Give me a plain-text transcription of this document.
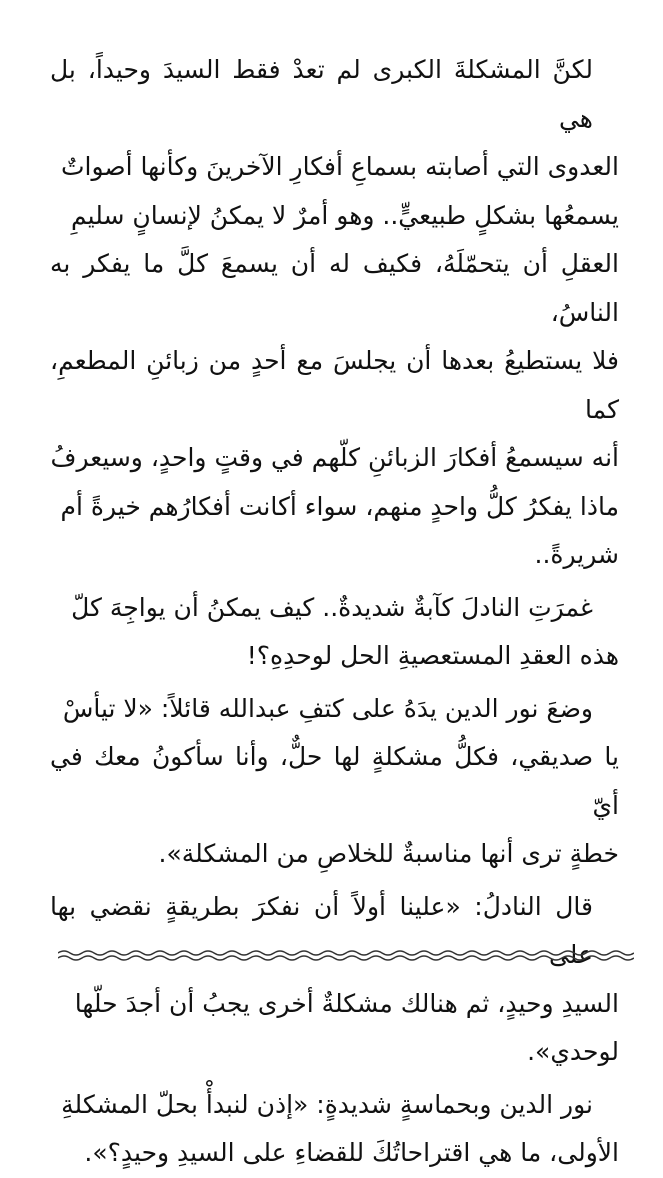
لكنَّ المشكلةَ الكبرى لم تعدْ فقط السيدَ وحيداً، بل هي
العدوى التي أصابته بسماعِ أفكارِ الآخرينَ وكأنها أصواتٌ
يسمعُها بشكلٍ طبيعيٍّ.. وهو أمرٌ لا يمكنُ لإنسانٍ سليمِ
العقلِ أن يتحمّلَهُ، فكيف له أن يسمعَ كلَّ ما يفكر به الناسُ،
فلا يستطيعُ بعدها أن يجلسَ مع أحدٍ من زبائنِ المطعمِ، كما
أنه سيسمعُ أفكارَ الزبائنِ كلّهم في وقتٍ واحدٍ، وسيعرفُ
ماذا يفكرُ كلُّ واحدٍ منهم، سواء أكانت أفكارُهم خيرةً أم
شريرةً..

غمرَتِ النادلَ كآبةٌ شديدةٌ.. كيف يمكنُ أن يواجِهَ كلّ
هذه العقدِ المستعصيةِ الحل لوحدِهِ؟!

وضعَ نور الدين يدَهُ على كتفِ عبدالله قائلاً: «لا تيأسْ
يا صديقي، فكلُّ مشكلةٍ لها حلٌّ، وأنا سأكونُ معك في أيّ
خطةٍ ترى أنها مناسبةٌ للخلاصِ من المشكلة».

قال النادلُ: «علينا أولاً أن نفكرَ بطريقةٍ نقضي بها على
السيدِ وحيدٍ، ثم هنالك مشكلةٌ أخرى يجبُ أن أجدَ حلّها
لوحدي».

نور الدين وبحماسةٍ شديدةٍ: «إذن لنبدأْ بحلّ المشكلةِ
الأولى، ما هي اقتراحاتُكَ للقضاءِ على السيدِ وحيدٍ؟».
